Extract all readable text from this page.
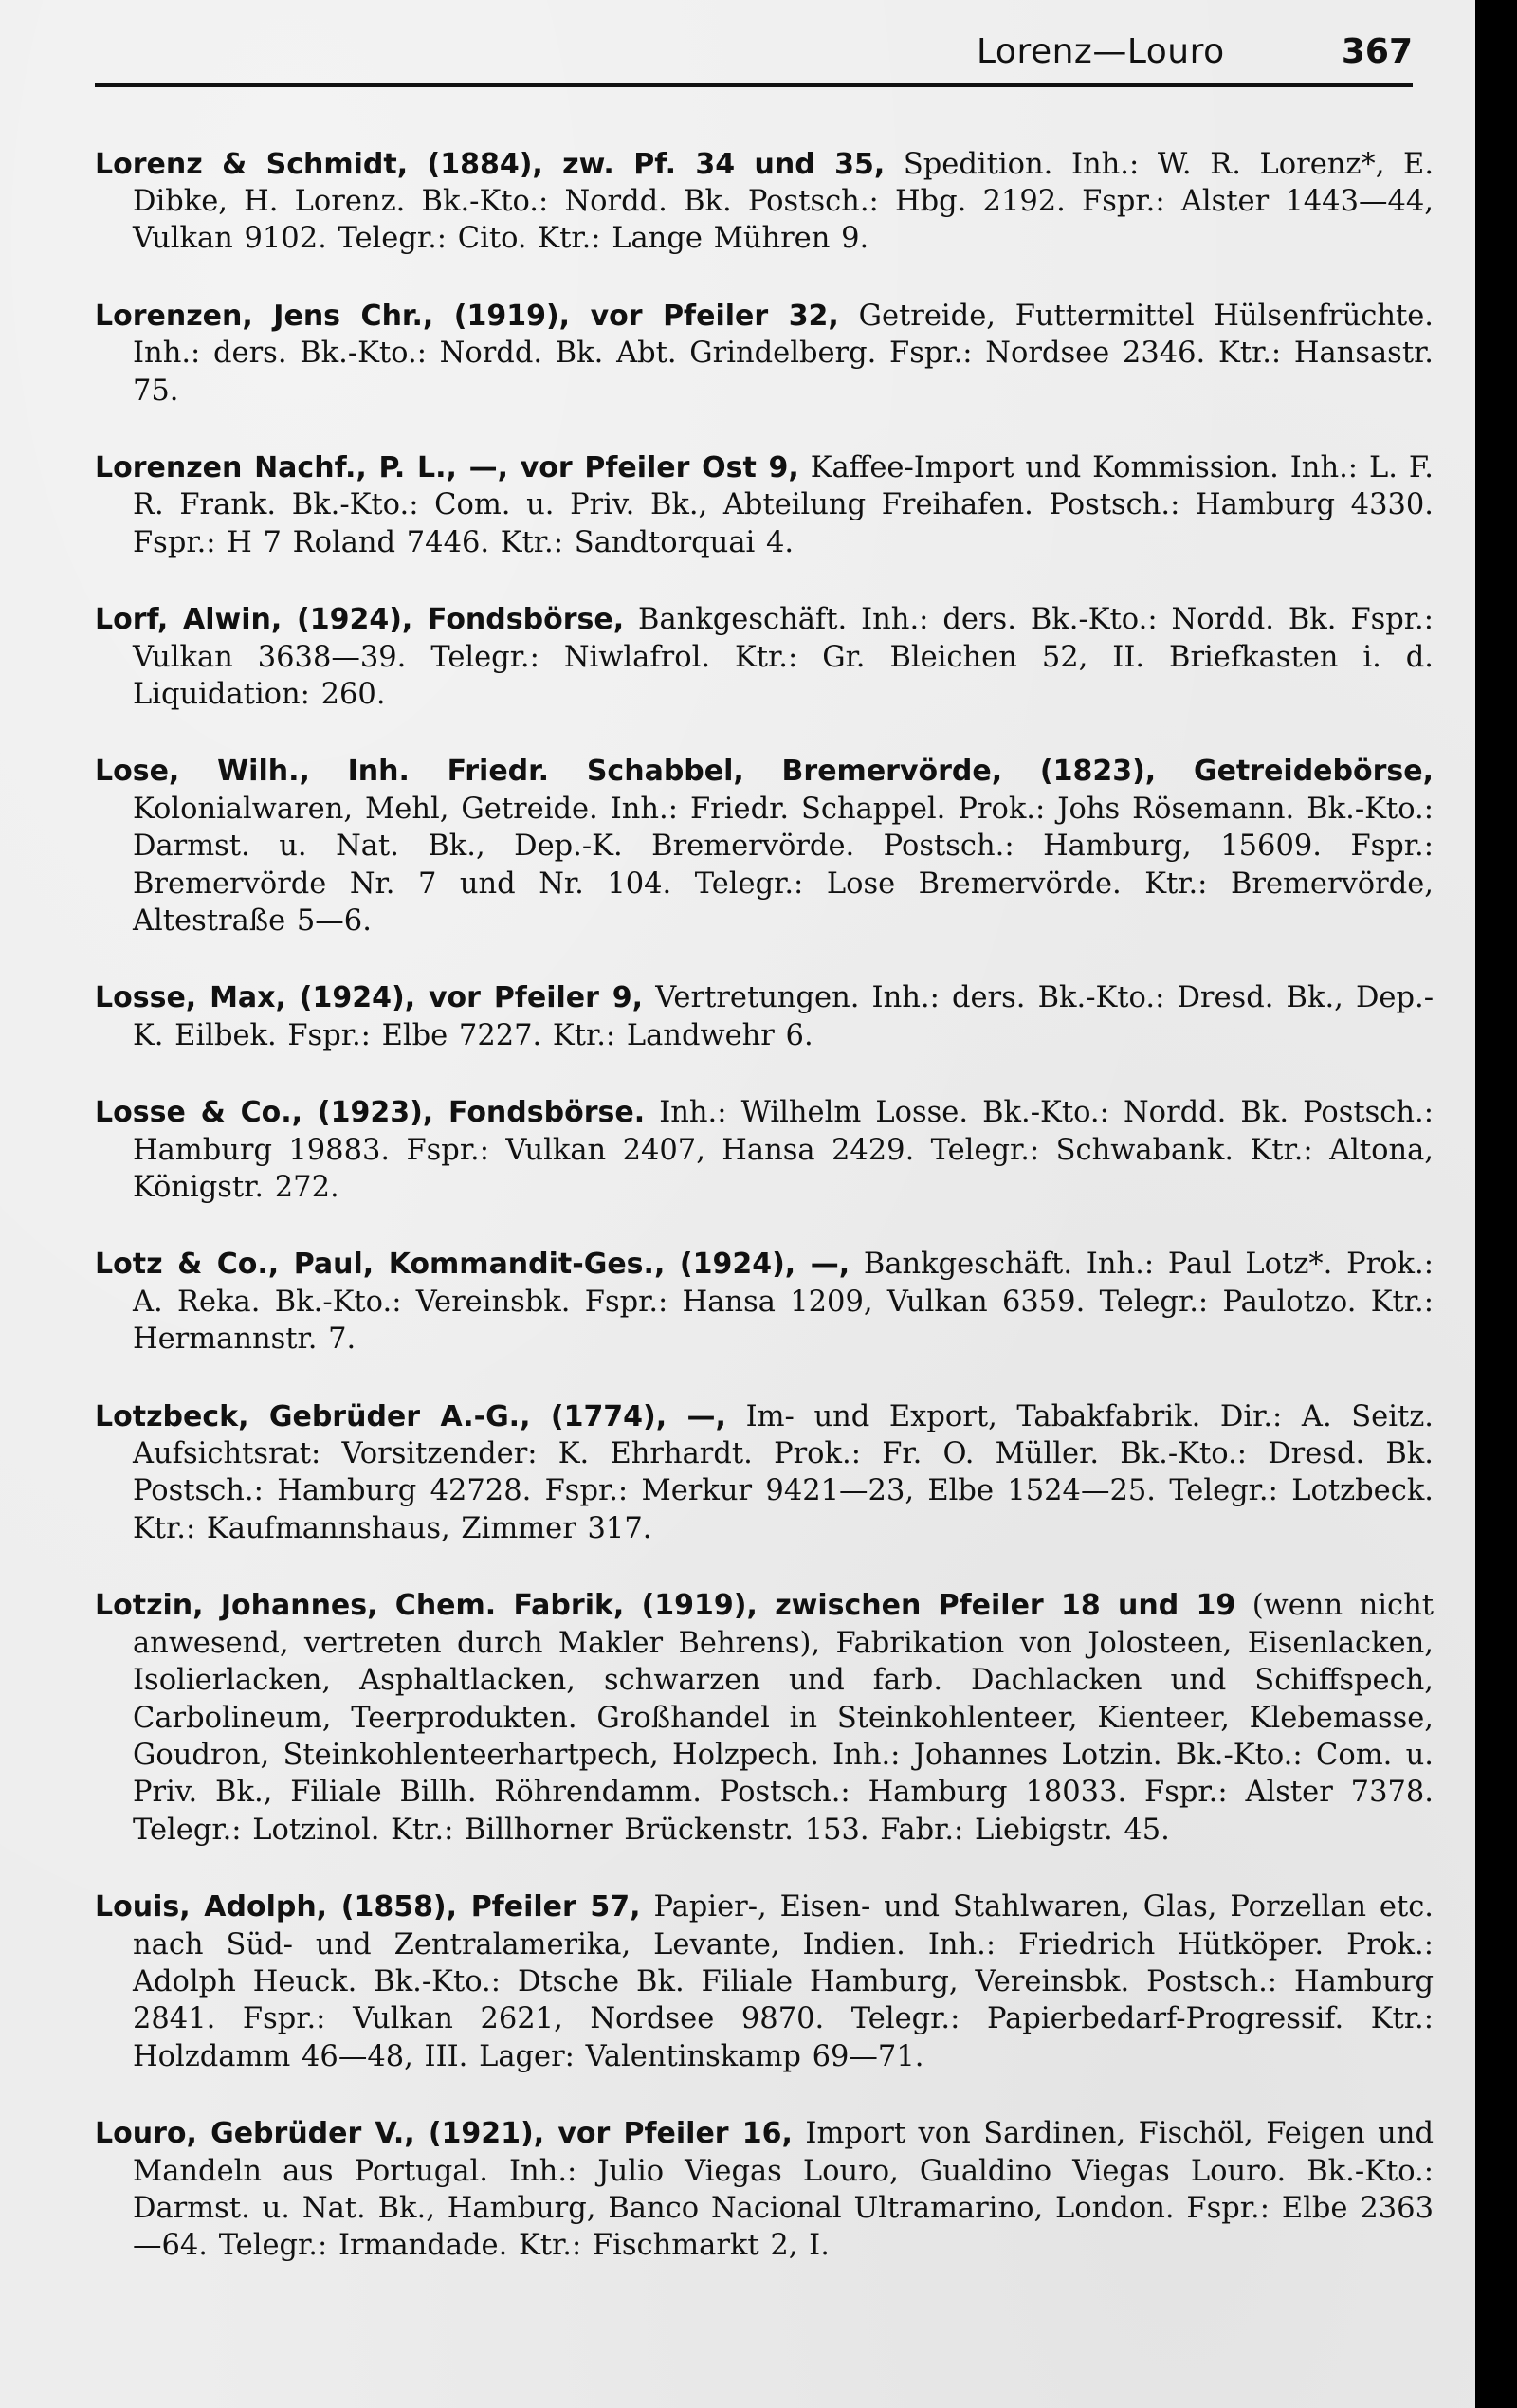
Lorenz—Louro	367

Lorenz & Schmidt, (1884), zw. Pf. 34 und 35, Spedition. Inh.: W. R. Lorenz*, E. Dibke, H. Lorenz. Bk.-Kto.: Nordd. Bk. Postsch.: Hbg. 2192. Fspr.: Alster 1443—44, Vulkan 9102. Telegr.: Cito. Ktr.: Lange Mühren 9.

Lorenzen, Jens Chr., (1919), vor Pfeiler 32, Getreide, Futtermittel Hülsenfrüchte. Inh.: ders. Bk.-Kto.: Nordd. Bk. Abt. Grindelberg. Fspr.: Nordsee 2346. Ktr.: Hansastr. 75.

Lorenzen Nachf., P. L., —, vor Pfeiler Ost 9, Kaffee-Import und Kommission. Inh.: L. F. R. Frank. Bk.-Kto.: Com. u. Priv. Bk., Abteilung Freihafen. Postsch.: Hamburg 4330. Fspr.: H 7 Roland 7446. Ktr.: Sandtorquai 4.

Lorf, Alwin, (1924), Fondsbörse, Bankgeschäft. Inh.: ders. Bk.-Kto.: Nordd. Bk. Fspr.: Vulkan 3638—39. Telegr.: Niwlafrol. Ktr.: Gr. Bleichen 52, II. Briefkasten i. d. Liquidation: 260.

Lose, Wilh., Inh. Friedr. Schabbel, Bremervörde, (1823), Getreidebörse, Kolonialwaren, Mehl, Getreide. Inh.: Friedr. Schappel. Prok.: Johs Rösemann. Bk.-Kto.: Darmst. u. Nat. Bk., Dep.-K. Bremervörde. Postsch.: Hamburg, 15609. Fspr.: Bremervörde Nr. 7 und Nr. 104. Telegr.: Lose Bremervörde. Ktr.: Bremervörde, Altestraße 5—6.

Losse, Max, (1924), vor Pfeiler 9, Vertretungen. Inh.: ders. Bk.-Kto.: Dresd. Bk., Dep.-K. Eilbek. Fspr.: Elbe 7227. Ktr.: Landwehr 6.

Losse & Co., (1923), Fondsbörse. Inh.: Wilhelm Losse. Bk.-Kto.: Nordd. Bk. Postsch.: Hamburg 19883. Fspr.: Vulkan 2407, Hansa 2429. Telegr.: Schwabank. Ktr.: Altona, Königstr. 272.

Lotz & Co., Paul, Kommandit-Ges., (1924), —, Bankgeschäft. Inh.: Paul Lotz*. Prok.: A. Reka. Bk.-Kto.: Vereinsbk. Fspr.: Hansa 1209, Vulkan 6359. Telegr.: Paulotzo. Ktr.: Hermannstr. 7.

Lotzbeck, Gebrüder A.-G., (1774), —, Im- und Export, Tabakfabrik. Dir.: A. Seitz. Aufsichtsrat: Vorsitzender: K. Ehrhardt. Prok.: Fr. O. Müller. Bk.-Kto.: Dresd. Bk. Postsch.: Hamburg 42728. Fspr.: Merkur 9421—23, Elbe 1524—25. Telegr.: Lotzbeck. Ktr.: Kaufmannshaus, Zimmer 317.

Lotzin, Johannes, Chem. Fabrik, (1919), zwischen Pfeiler 18 und 19 (wenn nicht anwesend, vertreten durch Makler Behrens), Fabrikation von Jolosteen, Eisenlacken, Isolierlacken, Asphaltlacken, schwarzen und farb. Dachlacken und Schiffspech, Carbolineum, Teerprodukten. Großhandel in Steinkohlenteer, Kienteer, Klebemasse, Goudron, Steinkohlenteerhartpech, Holzpech. Inh.: Johannes Lotzin. Bk.-Kto.: Com. u. Priv. Bk., Filiale Billh. Röhrendamm. Postsch.: Hamburg 18033. Fspr.: Alster 7378. Telegr.: Lotzinol. Ktr.: Billhorner Brückenstr. 153. Fabr.: Liebigstr. 45.

Louis, Adolph, (1858), Pfeiler 57, Papier-, Eisen- und Stahlwaren, Glas, Porzellan etc. nach Süd- und Zentralamerika, Levante, Indien. Inh.: Friedrich Hütköper. Prok.: Adolph Heuck. Bk.-Kto.: Dtsche Bk. Filiale Hamburg, Vereinsbk. Postsch.: Hamburg 2841. Fspr.: Vulkan 2621, Nordsee 9870. Telegr.: Papierbedarf-Progressif. Ktr.: Holzdamm 46—48, III. Lager: Valentinskamp 69—71.

Louro, Gebrüder V., (1921), vor Pfeiler 16, Import von Sardinen, Fischöl, Feigen und Mandeln aus Portugal. Inh.: Julio Viegas Louro, Gualdino Viegas Louro. Bk.-Kto.: Darmst. u. Nat. Bk., Hamburg, Banco Nacional Ultramarino, London. Fspr.: Elbe 2363—64. Telegr.: Irmandade. Ktr.: Fischmarkt 2, I.
